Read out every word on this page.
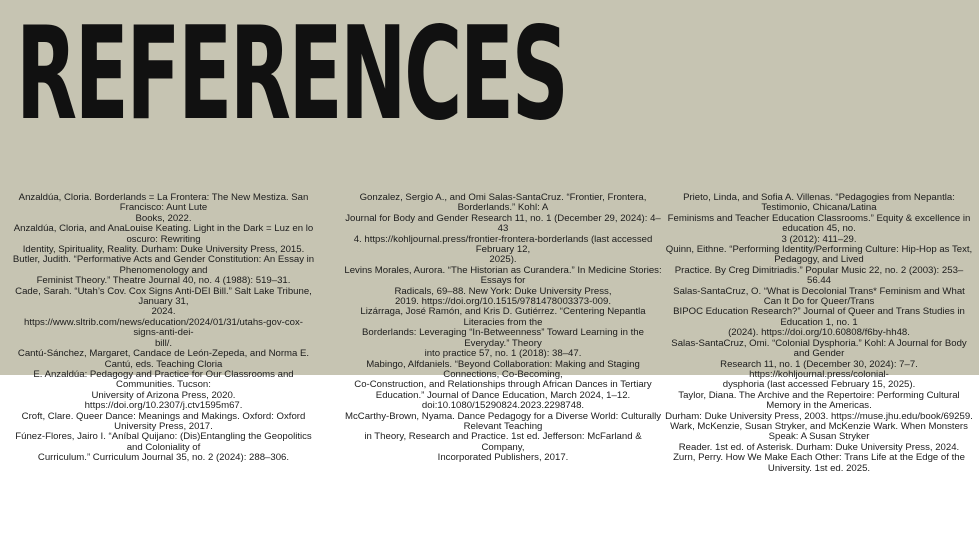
REFERENCES

Anzaldúa, Cloria. Borderlands = La Frontera: The New Mestiza. San Francisco: Aunt Lute

Books, 2022.

Anzaldúa, Cloria, and AnaLouise Keating. Light in the Dark = Luz en lo oscuro: Rewriting

Identity, Spirituality, Reality. Durham: Duke University Press, 2015.

Butler, Judith. “Performative Acts and Gender Constitution: An Essay in Phenomenology and

Feminist Theory.” Theatre Journal 40, no. 4 (1988): 519–31.

Cade, Sarah. “Utah’s Cov. Cox Signs Anti-DEI Bill.” Salt Lake Tribune, January 31,

2024.

https://www.sltrib.com/news/education/2024/01/31/utahs-gov-cox-signs-anti-dei-

bill/.

Cantú-Sánchez, Margaret, Candace de León-Zepeda, and Norma E. Cantú, eds. Teaching Cloria

E. Anzaldúa: Pedagogy and Practice for Our Classrooms and Communities. Tucson:

University of Arizona Press, 2020.

https://doi.org/10.2307/j.ctv1595m67.

Croft, Clare. Queer Dance: Meanings and Makings. Oxford: Oxford University Press, 2017.

Fúnez-Flores, Jairo I. “Aníbal Quijano: (Dis)Entangling the Geopolitics and Coloniality of

Curriculum.” Curriculum Journal 35, no. 2 (2024): 288–306.

Gonzalez, Sergio A., and Omi Salas-SantaCruz. “Frontier, Frontera, Borderlands.” Kohl: A

Journal for Body and Gender Research 11, no. 1 (December 29, 2024): 4–43

4. https://kohljournal.press/frontier-frontera-borderlands (last accessed February 12,

2025).

Levins Morales, Aurora. “The Historian as Curandera.” In Medicine Stories: Essays for

Radicals, 69–88. New York: Duke University Press,

2019. https://doi.org/10.1515/9781478003373-009.

Lizárraga, José Ramón, and Kris D. Gutiérrez. “Centering Nepantla Literacies from the

Borderlands: Leveraging “In-Betweenness” Toward Learning in the Everyday.” Theory

into practice 57, no. 1 (2018): 38–47.

Mabingo, Alfdaniels. “Beyond Collaboration: Making and Staging Connections, Co-Becoming,

Co-Construction, and Relationships through African Dances in Tertiary

Education.” Journal of Dance Education, March 2024, 1–12.

doi:10.1080/15290824.2023.2298748.

McCarthy-Brown, Nyama. Dance Pedagogy for a Diverse World: Culturally Relevant Teaching

in Theory, Research and Practice. 1st ed. Jefferson: McFarland & Company,

Incorporated Publishers, 2017.

Prieto, Linda, and Sofia A. Villenas. “Pedagogies from Nepantla: Testimonio, Chicana/Latina

Feminisms and Teacher Education Classrooms.” Equity & excellence in education 45, no.

3 (2012): 411–29.

Quinn, Eithne. “Performing Identity/Performing Culture: Hip-Hop as Text, Pedagogy, and Lived

Practice. By Creg Dimitriadis.” Popular Music 22, no. 2 (2003): 253–56.44

Salas-SantaCruz, O. “What is Decolonial Trans* Feminism and What Can It Do for Queer/Trans

BIPOC Education Research?” Journal of Queer and Trans Studies in Education 1, no. 1

(2024). https://doi.org/10.60808/f6by-hh48.

Salas-SantaCruz, Omi. “Colonial Dysphoria.” Kohl: A Journal for Body and Gender

Research 11, no. 1 (December 30, 2024): 7–7. https://kohljournal.press/colonial-

dysphoria (last accessed February 15, 2025).

Taylor, Diana. The Archive and the Repertoire: Performing Cultural Memory in the Americas.

Durham: Duke University Press, 2003. https://muse.jhu.edu/book/69259.

Wark, McKenzie, Susan Stryker, and McKenzie Wark. When Monsters Speak: A Susan Stryker

Reader. 1st ed. of Asterisk. Durham: Duke University Press, 2024.

Zurn, Perry. How We Make Each Other: Trans Life at the Edge of the University. 1st ed. 2025.
